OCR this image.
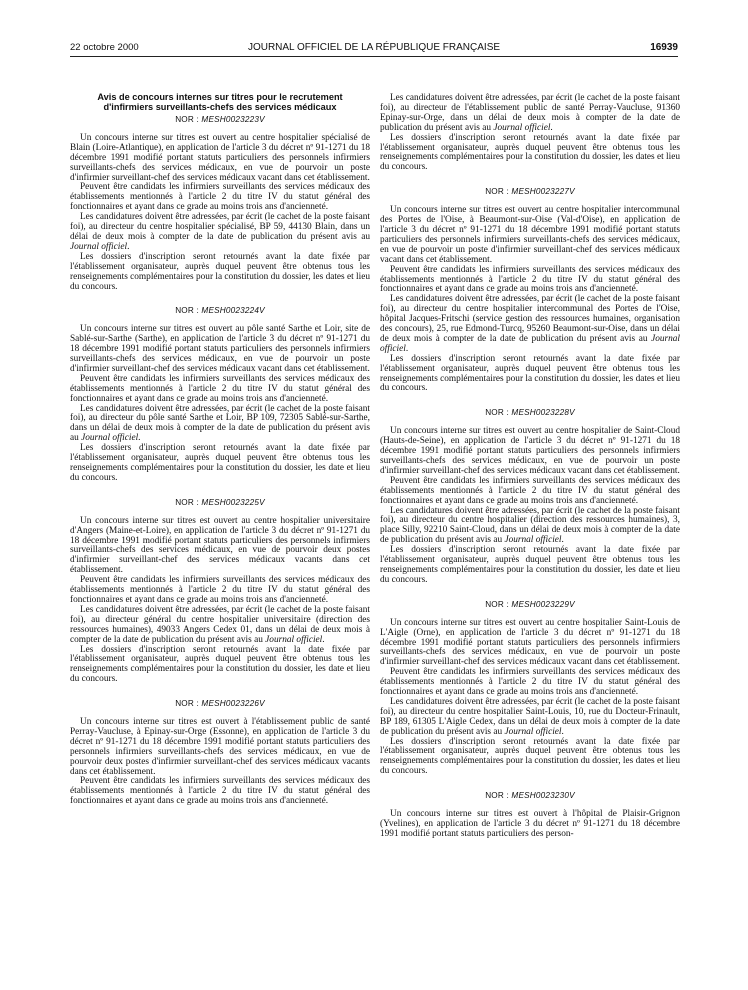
22 octobre 2000	JOURNAL OFFICIEL DE LA RÉPUBLIQUE FRANÇAISE	16939
Avis de concours internes sur titres pour le recrutement
d'infirmiers surveillants-chefs des services médicaux
NOR : MESH0023223V

Un concours interne sur titres est ouvert au centre hospitalier spécialisé de Blain (Loire-Atlantique), en application de l'article 3 du décret nº 91-1271 du 18 décembre 1991 modifié portant statuts particuliers des personnels infirmiers surveillants-chefs des services médicaux, en vue de pourvoir un poste d'infirmier surveillant-chef des services médicaux vacant dans cet établissement.

Peuvent être candidats les infirmiers surveillants des services médicaux des établissements mentionnés à l'article 2 du titre IV du statut général des fonctionnaires et ayant dans ce grade au moins trois ans d'ancienneté.

Les candidatures doivent être adressées, par écrit (le cachet de la poste faisant foi), au directeur du centre hospitalier spécialisé, BP 59, 44130 Blain, dans un délai de deux mois à compter de la date de publication du présent avis au Journal officiel.

Les dossiers d'inscription seront retournés avant la date fixée par l'établissement organisateur, auprès duquel peuvent être obtenus tous les renseignements complémentaires pour la constitution du dossier, les dates et lieu du concours.

NOR : MESH0023224V

Un concours interne sur titres est ouvert au pôle santé Sarthe et Loir, site de Sablé-sur-Sarthe (Sarthe), en application de l'article 3 du décret nº 91-1271 du 18 décembre 1991 modifié portant statuts particuliers des personnels infirmiers surveillants-chefs des services médicaux, en vue de pourvoir un poste d'infirmier surveillant-chef des services médicaux vacant dans cet établissement.

Peuvent être candidats les infirmiers surveillants des services médicaux des établissements mentionnés à l'article 2 du titre IV du statut général des fonctionnaires et ayant dans ce grade au moins trois ans d'ancienneté.

Les candidatures doivent être adressées, par écrit (le cachet de la poste faisant foi), au directeur du pôle santé Sarthe et Loir, BP 109, 72305 Sablé-sur-Sarthe, dans un délai de deux mois à compter de la date de publication du présent avis au Journal officiel.

Les dossiers d'inscription seront retournés avant la date fixée par l'établissement organisateur, auprès duquel peuvent être obtenus tous les renseignements complémentaires pour la constitution du dossier, les date et lieu du concours.

NOR : MESH0023225V

Un concours interne sur titres est ouvert au centre hospitalier universitaire d'Angers (Maine-et-Loire), en application de l'article 3 du décret nº 91-1271 du 18 décembre 1991 modifié portant statuts particuliers des personnels infirmiers surveillants-chefs des services médicaux, en vue de pourvoir deux postes d'infirmier surveillant-chef des services médicaux vacants dans cet établissement.

Peuvent être candidats les infirmiers surveillants des services médicaux des établissements mentionnés à l'article 2 du titre IV du statut général des fonctionnaires et ayant dans ce grade au moins trois ans d'ancienneté.

Les candidatures doivent être adressées, par écrit (le cachet de la poste faisant foi), au directeur général du centre hospitalier universitaire (direction des ressources humaines), 49033 Angers Cedex 01, dans un délai de deux mois à compter de la date de publication du présent avis au Journal officiel.

Les dossiers d'inscription seront retournés avant la date fixée par l'établissement organisateur, auprès duquel peuvent être obtenus tous les renseignements complémentaires pour la constitution du dossier, les date et lieu du concours.

NOR : MESH0023226V

Un concours interne sur titres est ouvert à l'établissement public de santé Perray-Vaucluse, à Epinay-sur-Orge (Essonne), en application de l'article 3 du décret nº 91-1271 du 18 décembre 1991 modifié portant statuts particuliers des personnels infirmiers surveillants-chefs des services médicaux, en vue de pourvoir deux postes d'infirmier surveillant-chef des services médicaux vacants dans cet établissement.

Peuvent être candidats les infirmiers surveillants des services médicaux des établissements mentionnés à l'article 2 du titre IV du statut général des fonctionnaires et ayant dans ce grade au moins trois ans d'ancienneté.

Les candidatures doivent être adressées, par écrit (le cachet de la poste faisant foi), au directeur de l'établissement public de santé Perray-Vaucluse, 91360 Epinay-sur-Orge, dans un délai de deux mois à compter de la date de publication du présent avis au Journal officiel.

Les dossiers d'inscription seront retournés avant la date fixée par l'établissement organisateur, auprès duquel peuvent être obtenus tous les renseignements complémentaires pour la constitution du dossier, les dates et lieu du concours.

NOR : MESH0023227V

Un concours interne sur titres est ouvert au centre hospitalier intercommunal des Portes de l'Oise, à Beaumont-sur-Oise (Val-d'Oise), en application de l'article 3 du décret nº 91-1271 du 18 décembre 1991 modifié portant statuts particuliers des personnels infirmiers surveillants-chefs des services médicaux, en vue de pourvoir un poste d'infirmier surveillant-chef des services médicaux vacant dans cet établissement.

Peuvent être candidats les infirmiers surveillants des services médicaux des établissements mentionnés à l'article 2 du titre IV du statut général des fonctionnaires et ayant dans ce grade au moins trois ans d'ancienneté.

Les candidatures doivent être adressées, par écrit (le cachet de la poste faisant foi), au directeur du centre hospitalier intercommunal des Portes de l'Oise, hôpital Jacques-Fritschi (service gestion des ressources humaines, organisation des concours), 25, rue Edmond-Turcq, 95260 Beaumont-sur-Oise, dans un délai de deux mois à compter de la date de publication du présent avis au Journal officiel.

Les dossiers d'inscription seront retournés avant la date fixée par l'établissement organisateur, auprès duquel peuvent être obtenus tous les renseignements complémentaires pour la constitution du dossier, les dates et lieu du concours.

NOR : MESH0023228V

Un concours interne sur titres est ouvert au centre hospitalier de Saint-Cloud (Hauts-de-Seine), en application de l'article 3 du décret nº 91-1271 du 18 décembre 1991 modifié portant statuts particuliers des personnels infirmiers surveillants-chefs des services médicaux, en vue de pourvoir un poste d'infirmier surveillant-chef des services médicaux vacant dans cet établissement.

Peuvent être candidats les infirmiers surveillants des services médicaux des établissements mentionnés à l'article 2 du titre IV du statut général des fonctionnaires et ayant dans ce grade au moins trois ans d'ancienneté.

Les candidatures doivent être adressées, par écrit (le cachet de la poste faisant foi), au directeur du centre hospitalier (direction des ressources humaines), 3, place Silly, 92210 Saint-Cloud, dans un délai de deux mois à compter de la date de publication du présent avis au Journal officiel.

Les dossiers d'inscription seront retournés avant la date fixée par l'établissement organisateur, auprès duquel peuvent être obtenus tous les renseignements complémentaires pour la constitution du dossier, les date et lieu du concours.

NOR : MESH0023229V

Un concours interne sur titres est ouvert au centre hospitalier Saint-Louis de L'Aigle (Orne), en application de l'article 3 du décret nº 91-1271 du 18 décembre 1991 modifié portant statuts particuliers des personnels infirmiers surveillants-chefs des services médicaux, en vue de pourvoir un poste d'infirmier surveillant-chef des services médicaux vacant dans cet établissement.

Peuvent être candidats les infirmiers surveillants des services médicaux des établissements mentionnés à l'article 2 du titre IV du statut général des fonctionnaires et ayant dans ce grade au moins trois ans d'ancienneté.

Les candidatures doivent être adressées, par écrit (le cachet de la poste faisant foi), au directeur du centre hospitalier Saint-Louis, 10, rue du Docteur-Frinault, BP 189, 61305 L'Aigle Cedex, dans un délai de deux mois à compter de la date de publication du présent avis au Journal officiel.

Les dossiers d'inscription seront retournés avant la date fixée par l'établissement organisateur, auprès duquel peuvent être obtenus tous les renseignements complémentaires pour la constitution du dossier, les dates et lieu du concours.

NOR : MESH0023230V

Un concours interne sur titres est ouvert à l'hôpital de Plaisir-Grignon (Yvelines), en application de l'article 3 du décret nº 91-1271 du 18 décembre 1991 modifié portant statuts particuliers des person-
